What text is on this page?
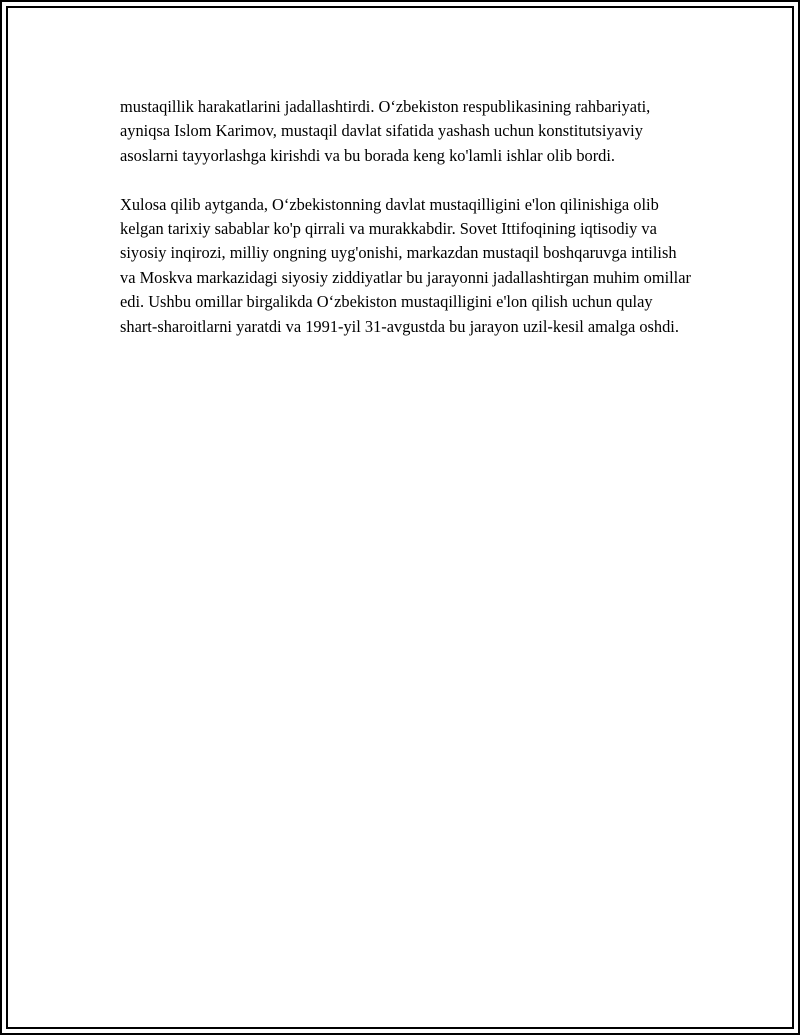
mustaqillik harakatlarini jadallashtirdi. O‘zbekiston respublikasining rahbariyati, ayniqsa Islom Karimov, mustaqil davlat sifatida yashash uchun konstitutsiyaviy asoslarni tayyorlashga kirishdi va bu borada keng ko'lamli ishlar olib bordi.

Xulosa qilib aytganda, O‘zbekistonning davlat mustaqilligini e'lon qilinishiga olib kelgan tarixiy sabablar ko'p qirrali va murakkabdir. Sovet Ittifoqining iqtisodiy va siyosiy inqirozi, milliy ongning uyg'onishi, markazdan mustaqil boshqaruvga intilish va Moskva markazidagi siyosiy ziddiyatlar bu jarayonni jadallashtirgan muhim omillar edi. Ushbu omillar birgalikda O‘zbekiston mustaqilligini e'lon qilish uchun qulay shart-sharoitlarni yaratdi va 1991-yil 31-avgustda bu jarayon uzil-kesil amalga oshdi.
